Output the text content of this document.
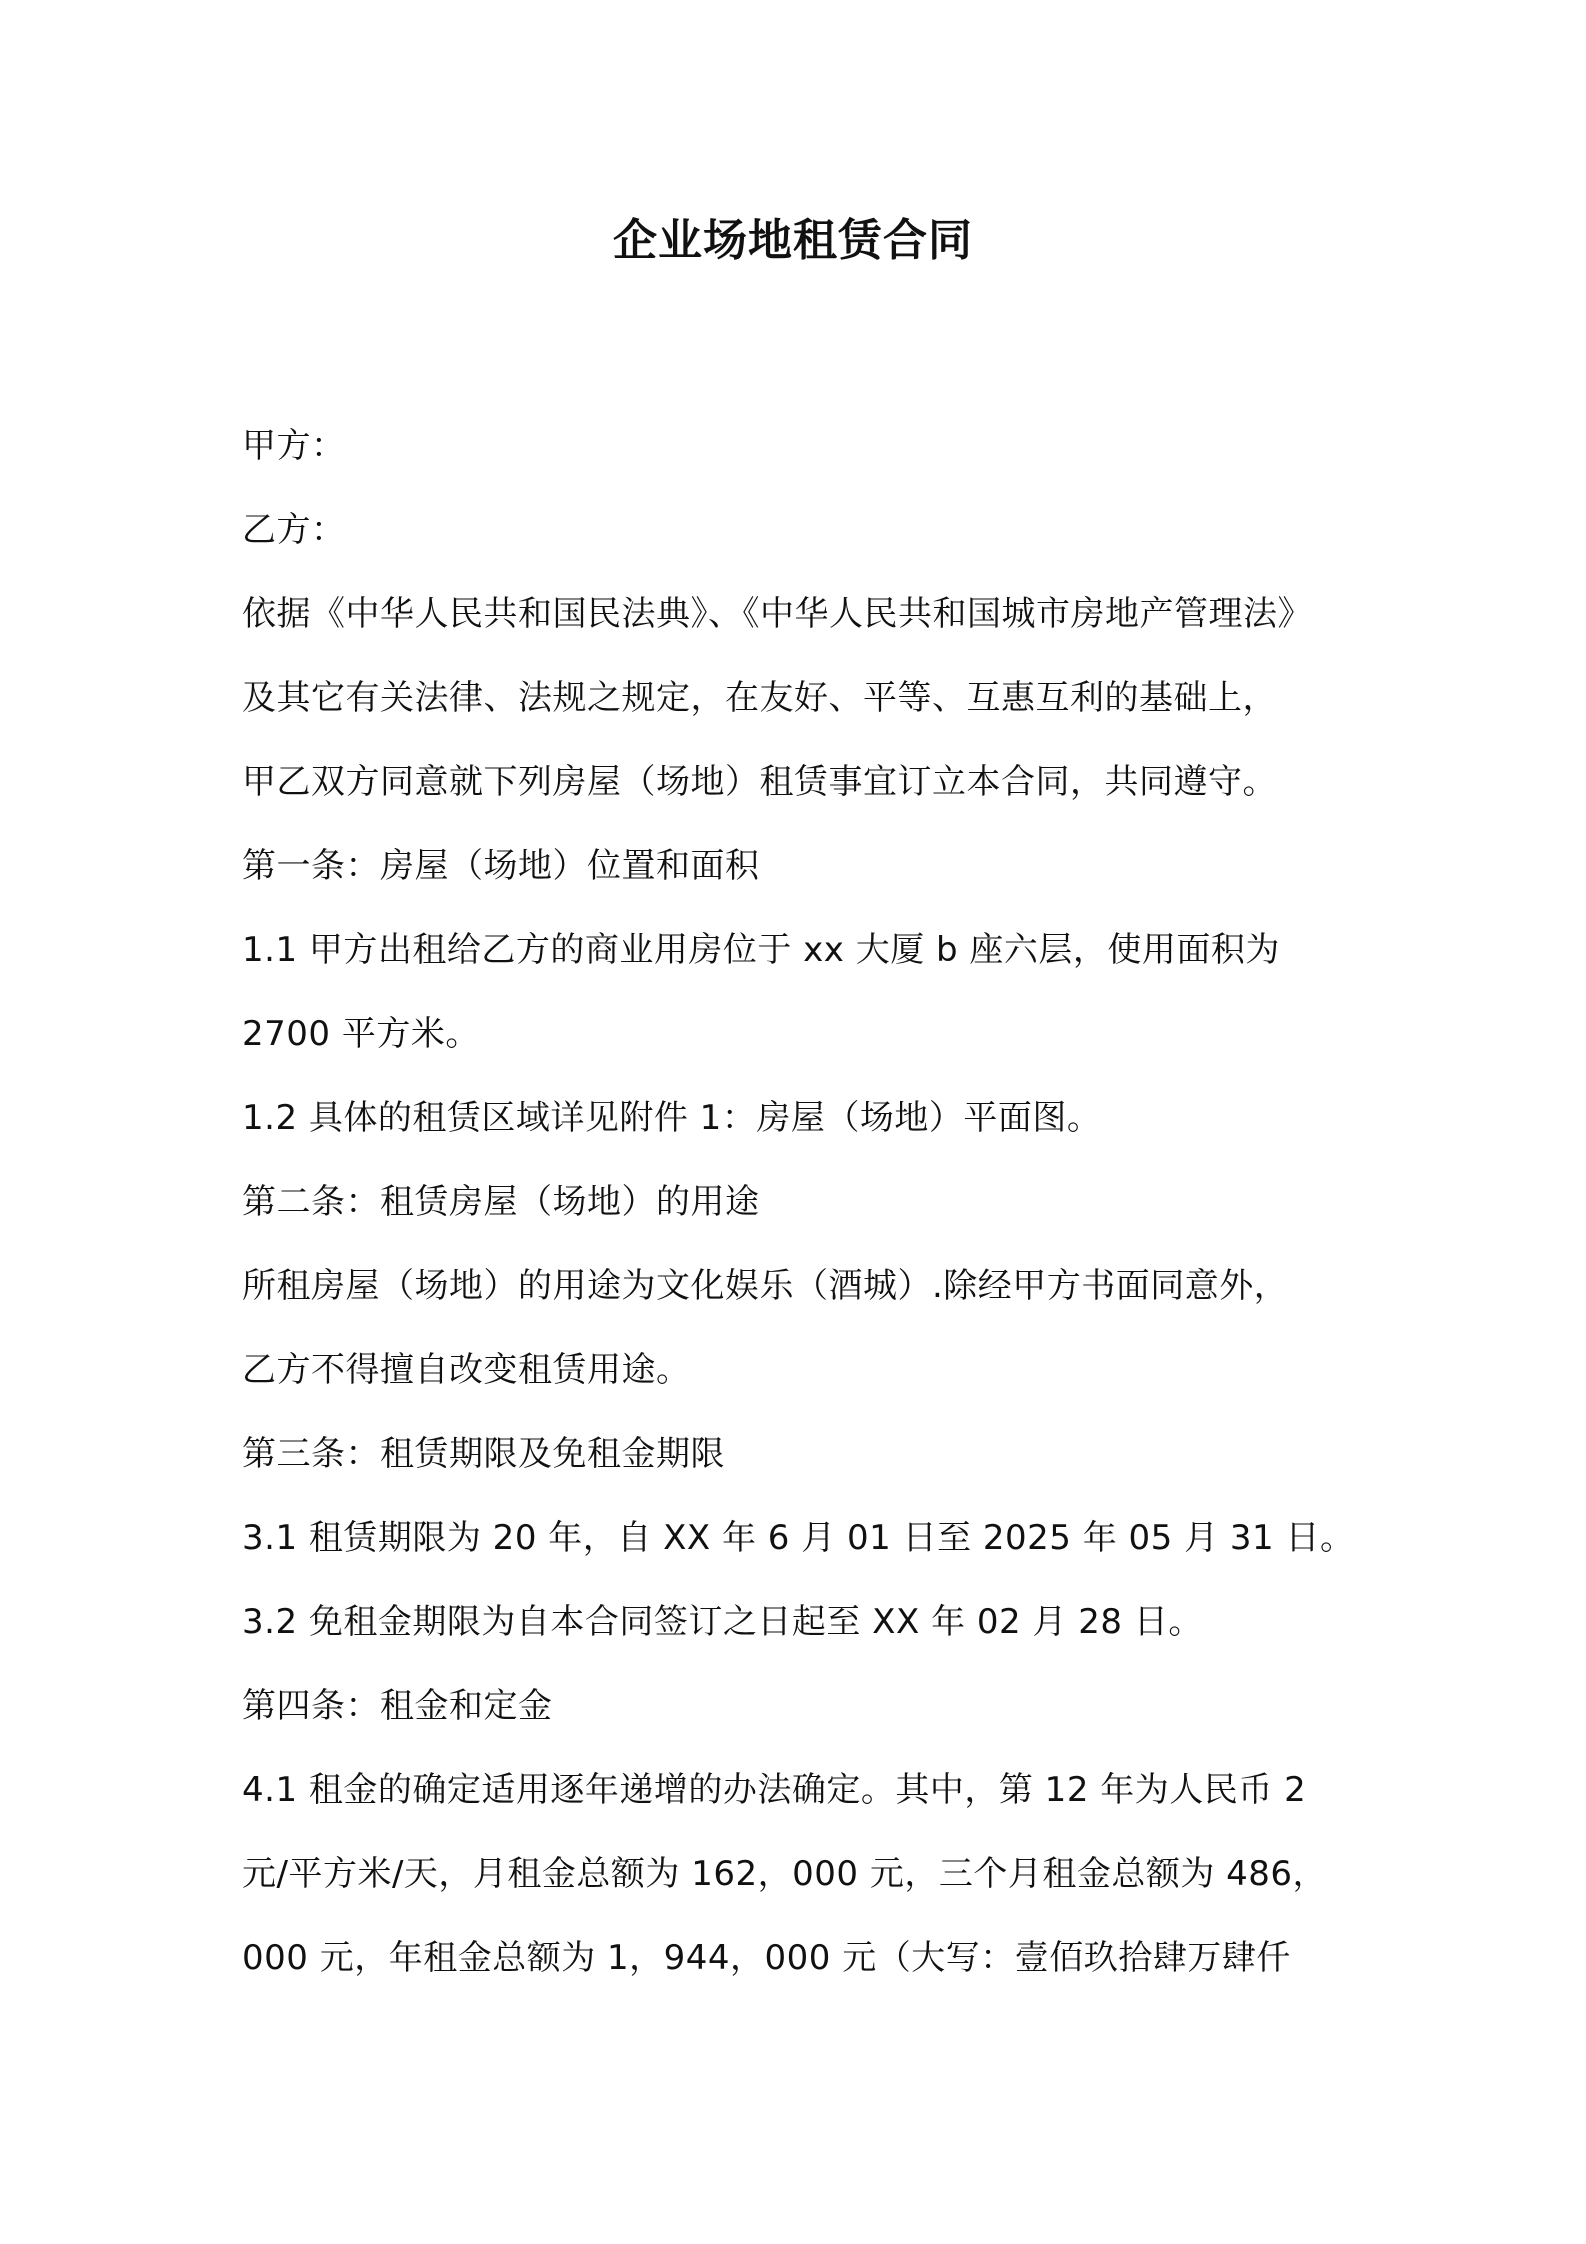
企业场地租赁合同
甲方：
乙方：
依据《中华人民共和国民法典》、《中华人民共和国城市房地产管理法》
及其它有关法律、法规之规定，在友好、平等、互惠互利的基础上，
甲乙双方同意就下列房屋（场地）租赁事宜订立本合同，共同遵守。
第一条：房屋（场地）位置和面积
1.1 甲方出租给乙方的商业用房位于 xx 大厦 b 座六层，使用面积为
2700 平方米。
1.2 具体的租赁区域详见附件 1：房屋（场地）平面图。
第二条：租赁房屋（场地）的用途
所租房屋（场地）的用途为文化娱乐（酒城）.除经甲方书面同意外，
乙方不得擅自改变租赁用途。
第三条：租赁期限及免租金期限
3.1 租赁期限为 20 年，自 XX 年 6 月 01 日至 2025 年 05 月 31 日。
3.2 免租金期限为自本合同签订之日起至 XX 年 02 月 28 日。
第四条：租金和定金
4.1 租金的确定适用逐年递增的办法确定。其中，第 12 年为人民币 2
元/平方米/天，月租金总额为 162，000 元，三个月租金总额为 486，
000 元，年租金总额为 1，944，000 元（大写：壹佰玖拾肆万肆仟
